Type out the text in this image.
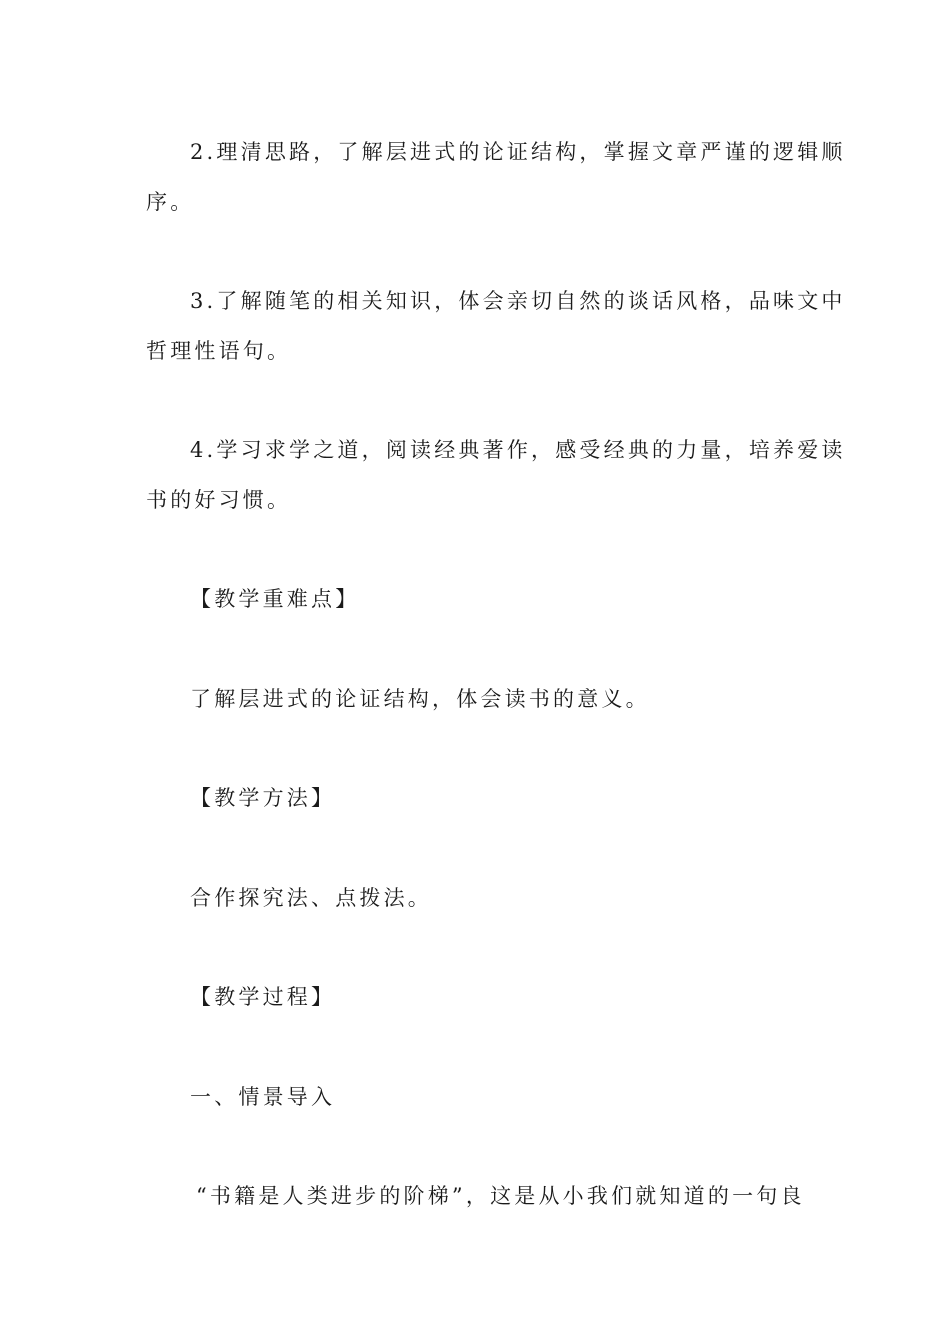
2.理清思路，了解层进式的论证结构，掌握文章严谨的逻辑顺
序。
3.了解随笔的相关知识，体会亲切自然的谈话风格，品味文中
哲理性语句。
4.学习求学之道，阅读经典著作，感受经典的力量，培养爱读
书的好习惯。
【教学重难点】
了解层进式的论证结构，体会读书的意义。
【教学方法】
合作探究法、点拨法。
【教学过程】
一、情景导入
“书籍是人类进步的阶梯”，这是从小我们就知道的一句良
